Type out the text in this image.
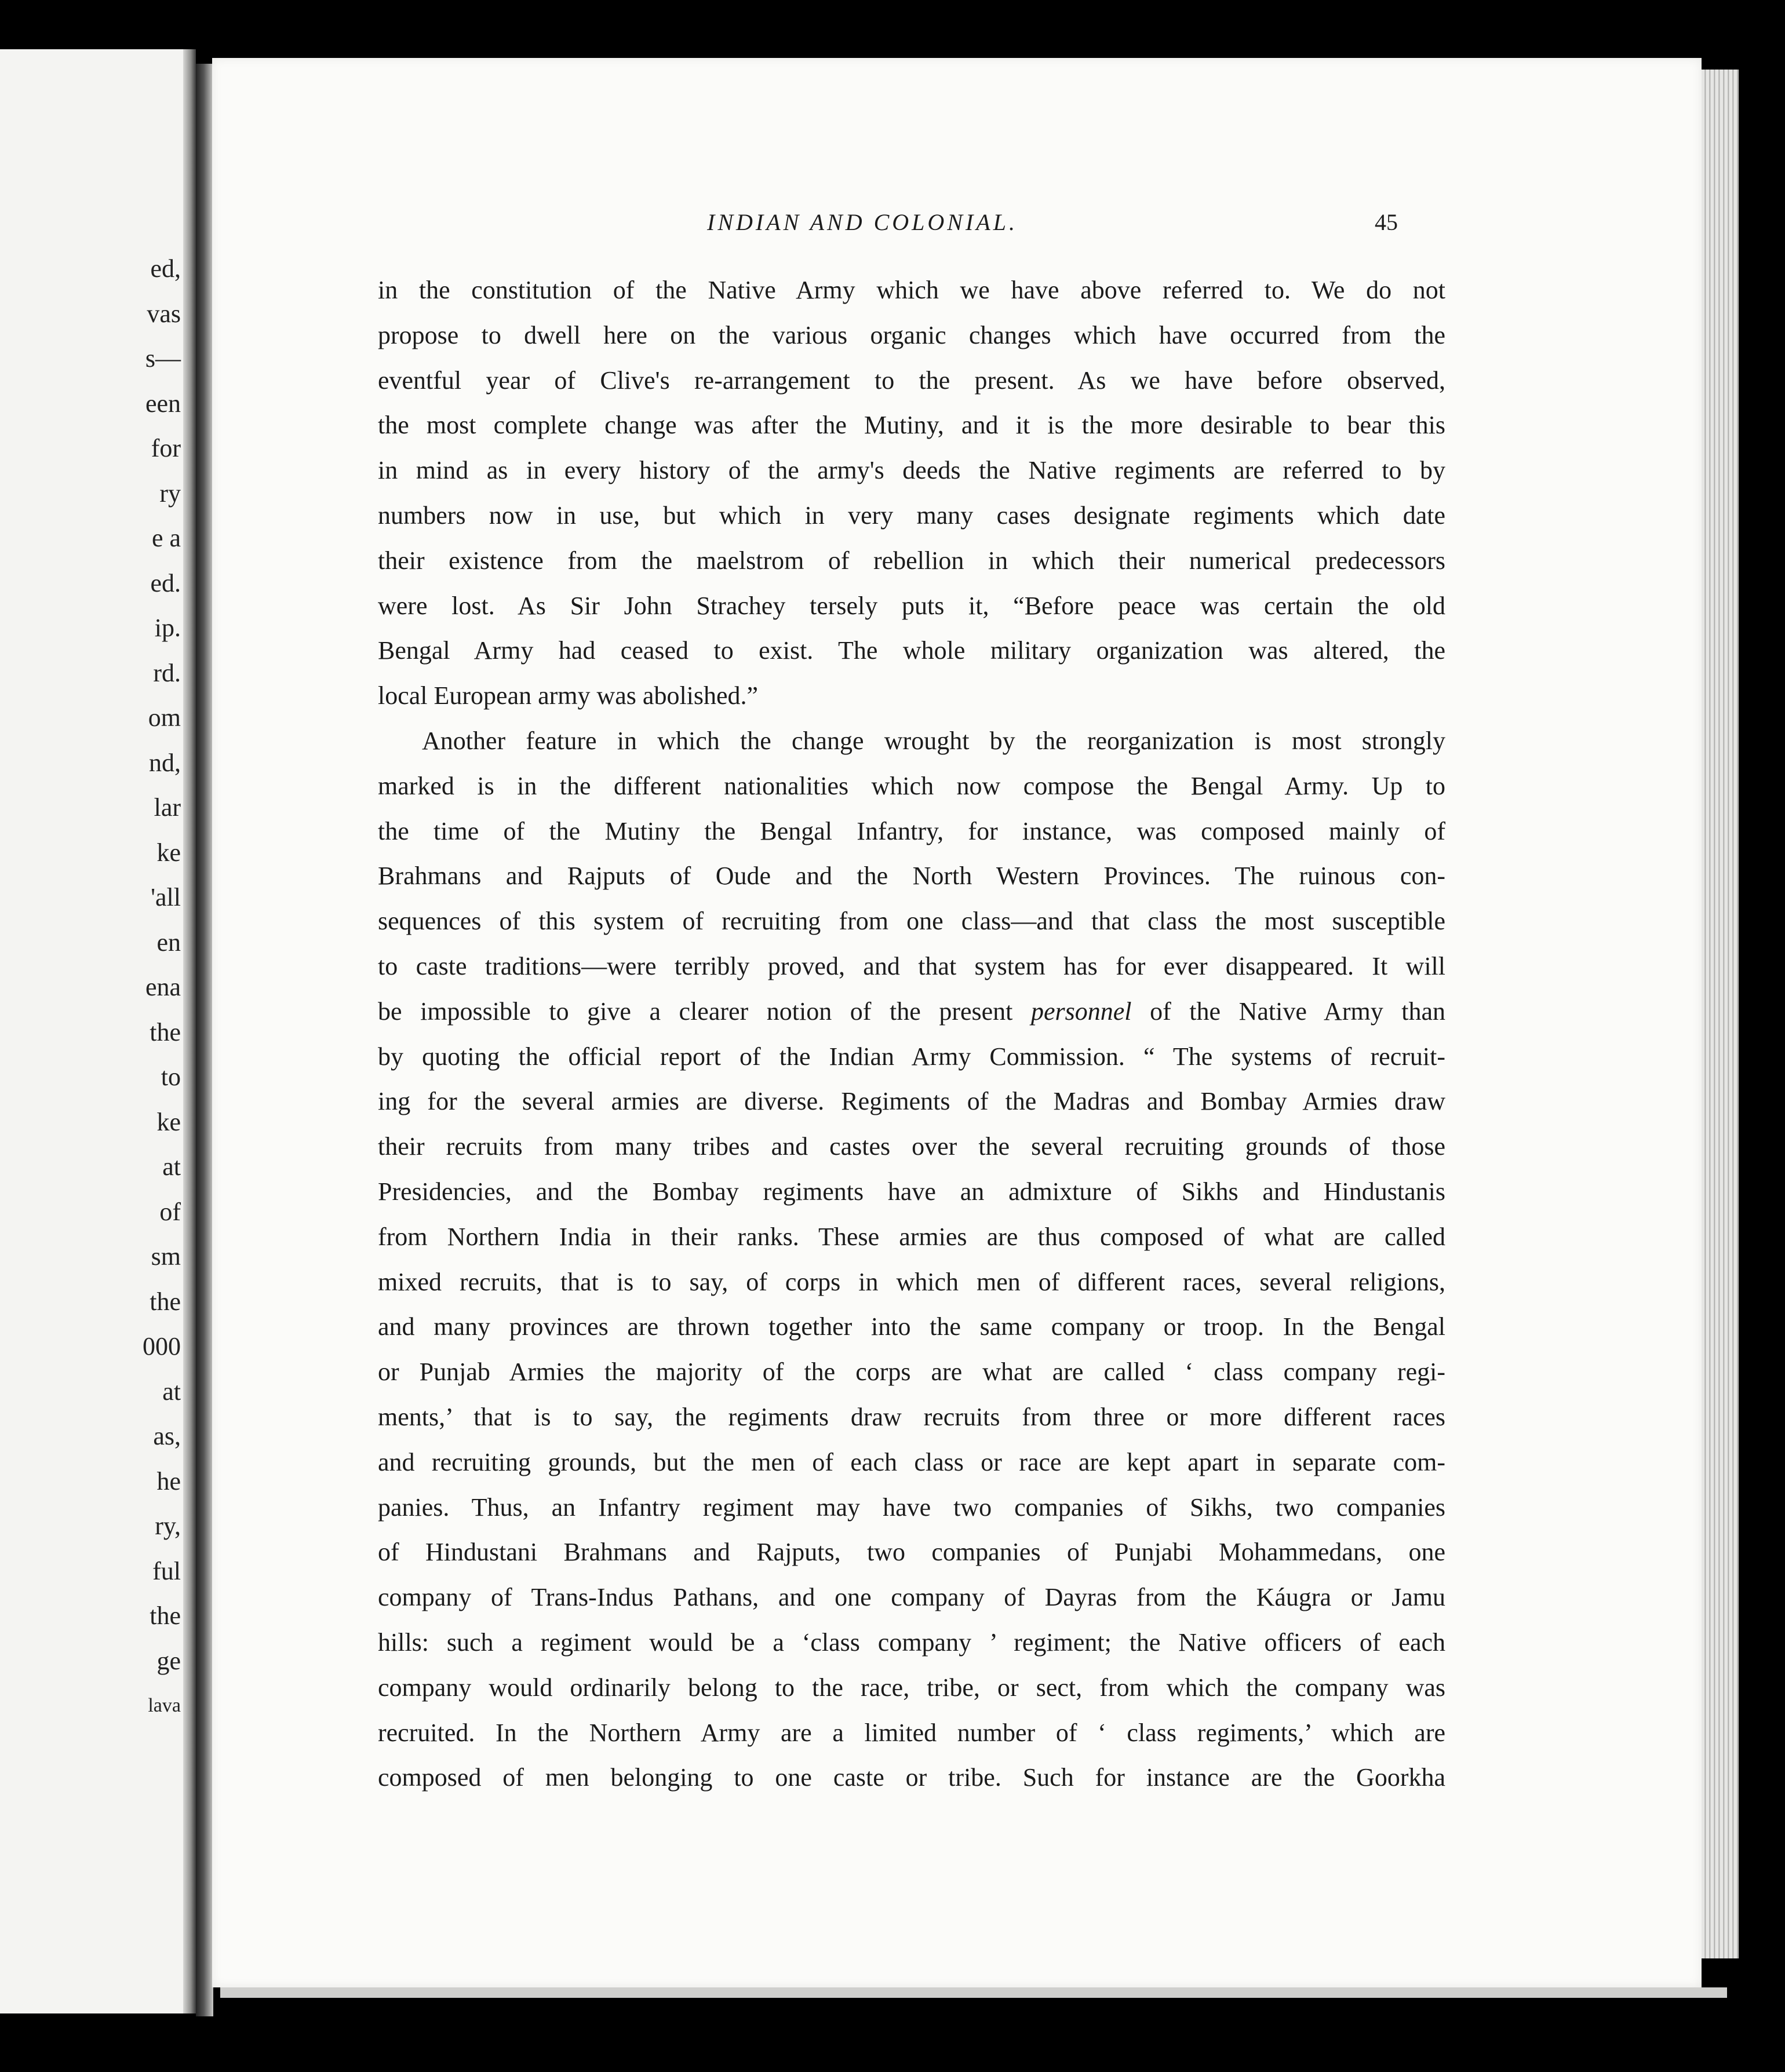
ed,
vas
s—
een
for
ry
e a
ed.
ip.
rd.
om
nd,
lar
ke
'all
en
ena
the
to
ke
at
of
sm
the
000
at
as,
he
ry,
ful
the
ge
lava
INDIAN AND COLONIAL.	45
in the constitution of the Native Army which we have above referred to. We do not
propose to dwell here on the various organic changes which have occurred from the
eventful year of Clive's re-arrangement to the present. As we have before observed,
the most complete change was after the Mutiny, and it is the more desirable to bear this
in mind as in every history of the army's deeds the Native regiments are referred to by
numbers now in use, but which in very many cases designate regiments which date
their existence from the maelstrom of rebellion in which their numerical predecessors
were lost. As Sir John Strachey tersely puts it, “Before peace was certain the old
Bengal Army had ceased to exist. The whole military organization was altered, the
local European army was abolished.”
Another feature in which the change wrought by the reorganization is most strongly
marked is in the different nationalities which now compose the Bengal Army. Up to
the time of the Mutiny the Bengal Infantry, for instance, was composed mainly of
Brahmans and Rajputs of Oude and the North Western Provinces. The ruinous con-
sequences of this system of recruiting from one class—and that class the most susceptible
to caste traditions—were terribly proved, and that system has for ever disappeared. It will
be impossible to give a clearer notion of the present personnel of the Native Army than
by quoting the official report of the Indian Army Commission. “ The systems of recruit-
ing for the several armies are diverse. Regiments of the Madras and Bombay Armies draw
their recruits from many tribes and castes over the several recruiting grounds of those
Presidencies, and the Bombay regiments have an admixture of Sikhs and Hindustanis
from Northern India in their ranks. These armies are thus composed of what are called
mixed recruits, that is to say, of corps in which men of different races, several religions,
and many provinces are thrown together into the same company or troop. In the Bengal
or Punjab Armies the majority of the corps are what are called ‘ class company regi-
ments,’ that is to say, the regiments draw recruits from three or more different races
and recruiting grounds, but the men of each class or race are kept apart in separate com-
panies. Thus, an Infantry regiment may have two companies of Sikhs, two companies
of Hindustani Brahmans and Rajputs, two companies of Punjabi Mohammedans, one
company of Trans-Indus Pathans, and one company of Dayras from the Káugra or Jamu
hills: such a regiment would be a ‘class company ’ regiment; the Native officers of each
company would ordinarily belong to the race, tribe, or sect, from which the company was
recruited. In the Northern Army are a limited number of ‘ class regiments,’ which are
composed of men belonging to one caste or tribe. Such for instance are the Goorkha
